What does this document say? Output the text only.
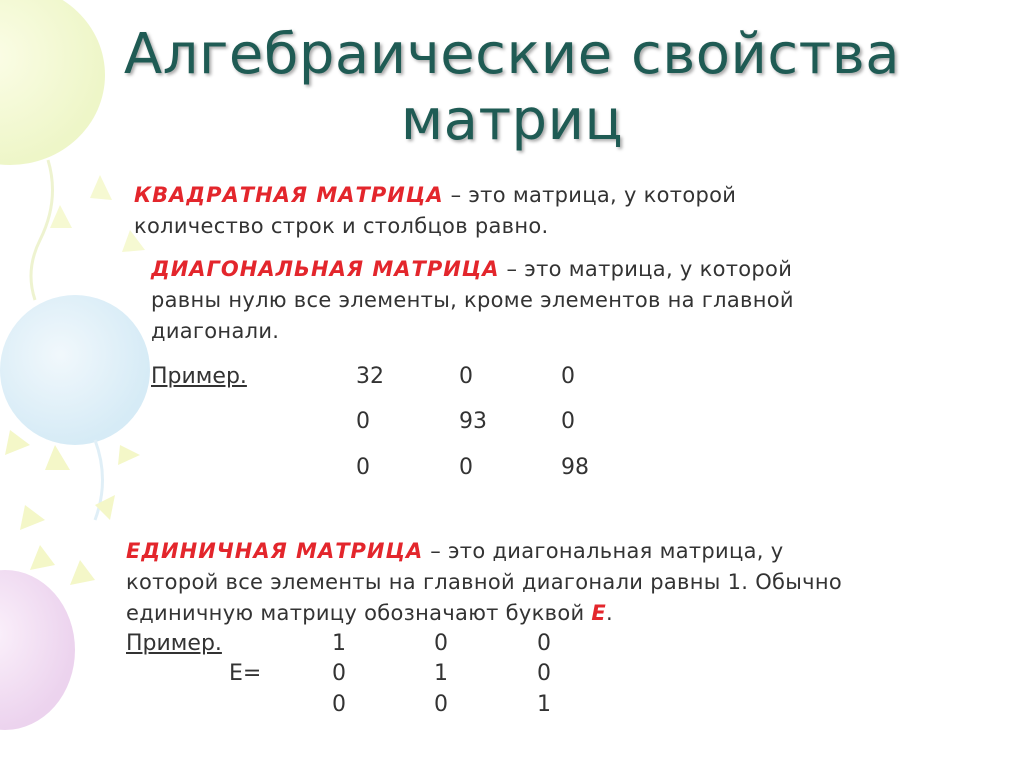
Алгебраические свойства
матриц
КВАДРАТНАЯ МАТРИЦА – это матрица, у которой
количество строк и столбцов равно.
ДИАГОНАЛЬНАЯ МАТРИЦА – это матрица, у которой
равны нулю все элементы, кроме элементов на главной
диагонали.
Пример.	32	0	0
0	93	0
0	0	98
ЕДИНИЧНАЯ МАТРИЦА – это диагональная матрица, у
которой все элементы на главной диагонали равны 1. Обычно
единичную матрицу обозначают буквой Е.
Пример.
Е=
1	0	0
0	1	0
0	0	1
